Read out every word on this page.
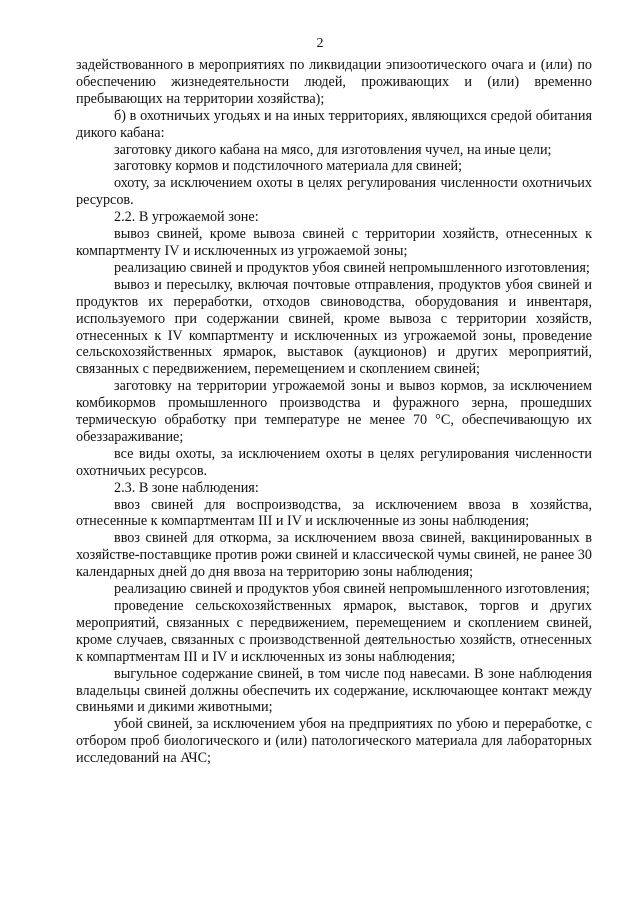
2

задействованного в мероприятиях по ликвидации эпизоотического очага и (или) по обеспечению жизнедеятельности людей, проживающих и (или) временно пребывающих на территории хозяйства);

б) в охотничьих угодьях и на иных территориях, являющихся средой обитания дикого кабана:

заготовку дикого кабана на мясо, для изготовления чучел, на иные цели;

заготовку кормов и подстилочного материала для свиней;

охоту, за исключением охоты в целях регулирования численности охотничьих ресурсов.

2.2. В угрожаемой зоне:

вывоз свиней, кроме вывоза свиней с территории хозяйств, отнесенных к компартменту IV и исключенных из угрожаемой зоны;

реализацию свиней и продуктов убоя свиней непромышленного изготовления;

вывоз и пересылку, включая почтовые отправления, продуктов убоя свиней и продуктов их переработки, отходов свиноводства, оборудования и инвентаря, используемого при содержании свиней, кроме вывоза с территории хозяйств, отнесенных к IV компартменту и исключенных из угрожаемой зоны, проведение сельскохозяйственных ярмарок, выставок (аукционов) и других мероприятий, связанных с передвижением, перемещением и скоплением свиней;

заготовку на территории угрожаемой зоны и вывоз кормов, за исключением комбикормов промышленного производства и фуражного зерна, прошедших термическую обработку при температуре не менее 70 °С, обеспечивающую их обеззараживание;

все виды охоты, за исключением охоты в целях регулирования численности охотничьих ресурсов.

2.3. В зоне наблюдения:

ввоз свиней для воспроизводства, за исключением ввоза в хозяйства, отнесенные к компартментам III и IV и исключенные из зоны наблюдения;

ввоз свиней для откорма, за исключением ввоза свиней, вакцинированных в хозяйстве-поставщике против рожи свиней и классической чумы свиней, не ранее 30 календарных дней до дня ввоза на территорию зоны наблюдения;

реализацию свиней и продуктов убоя свиней непромышленного изготовления;

проведение сельскохозяйственных ярмарок, выставок, торгов и других мероприятий, связанных с передвижением, перемещением и скоплением свиней, кроме случаев, связанных с производственной деятельностью хозяйств, отнесенных к компартментам III и IV и исключенных из зоны наблюдения;

выгульное содержание свиней, в том числе под навесами. В зоне наблюдения владельцы свиней должны обеспечить их содержание, исключающее контакт между свиньями и дикими животными;

убой свиней, за исключением убоя на предприятиях по убою и переработке, с отбором проб биологического и (или) патологического материала для лабораторных исследований на АЧС;
